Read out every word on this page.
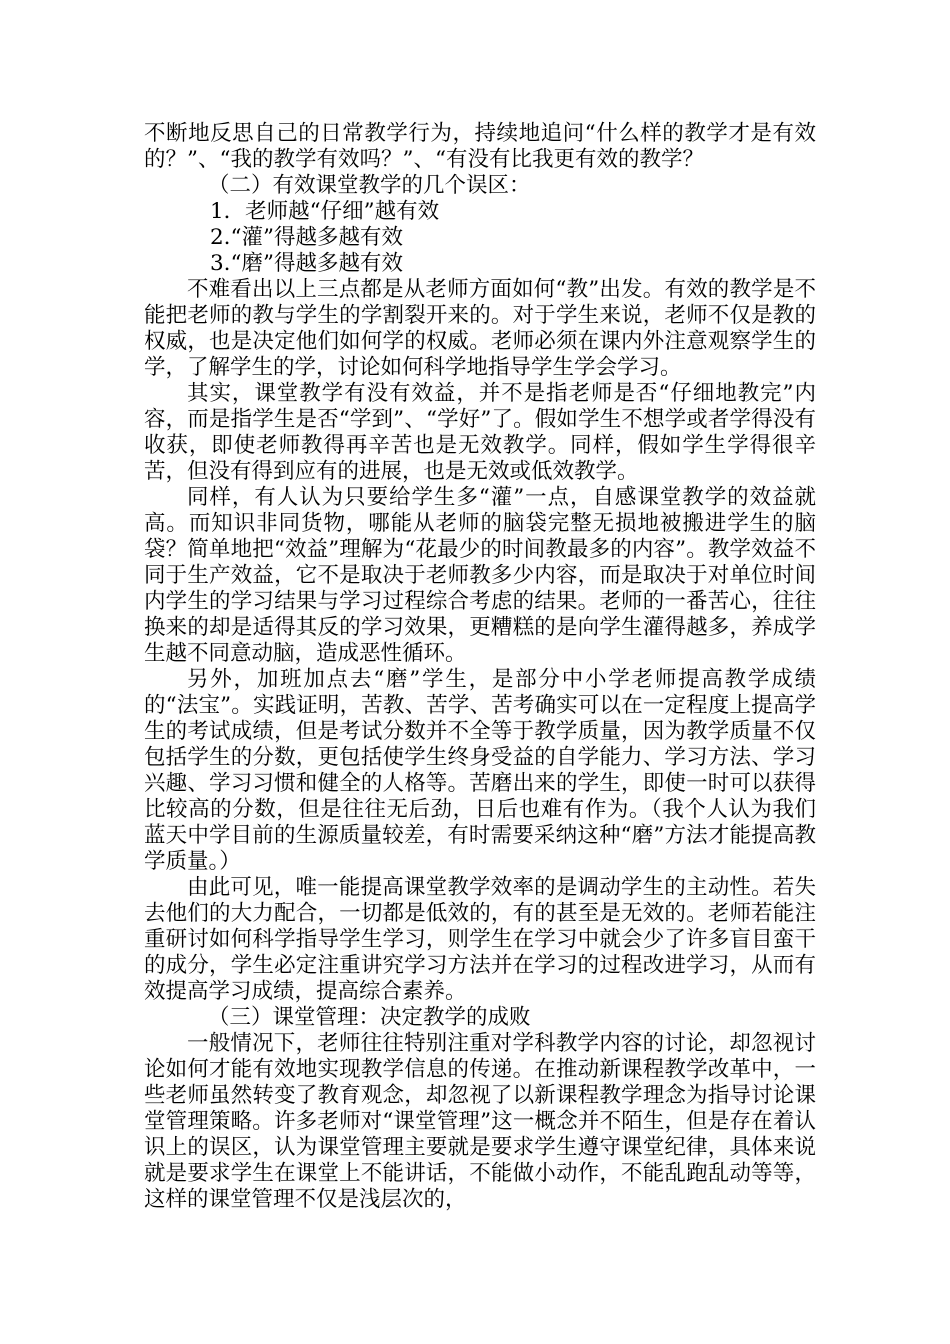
不断地反思自己的日常教学行为，持续地追问“什么样的教学才是有效的？”、“我的教学有效吗？”、“有没有比我更有效的教学？

（二）有效课堂教学的几个误区：

1．老师越“仔细”越有效

2.“灌”得越多越有效

3.“磨”得越多越有效

不难看出以上三点都是从老师方面如何“教”出发。有效的教学是不能把老师的教与学生的学割裂开来的。对于学生来说，老师不仅是教的权威，也是决定他们如何学的权威。老师必须在课内外注意观察学生的学，了解学生的学，讨论如何科学地指导学生学会学习。

其实，课堂教学有没有效益，并不是指老师是否“仔细地教完”内容，而是指学生是否“学到”、“学好”了。假如学生不想学或者学得没有收获，即使老师教得再辛苦也是无效教学。同样，假如学生学得很辛苦，但没有得到应有的进展，也是无效或低效教学。

同样，有人认为只要给学生多“灌”一点，自感课堂教学的效益就高。而知识非同货物，哪能从老师的脑袋完整无损地被搬进学生的脑袋？简单地把“效益”理解为“花最少的时间教最多的内容”。教学效益不同于生产效益，它不是取决于老师教多少内容，而是取决于对单位时间内学生的学习结果与学习过程综合考虑的结果。老师的一番苦心，往往换来的却是适得其反的学习效果，更糟糕的是向学生灌得越多，养成学生越不同意动脑，造成恶性循环。

另外，加班加点去“磨”学生，是部分中小学老师提高教学成绩的“法宝”。实践证明，苦教、苦学、苦考确实可以在一定程度上提高学生的考试成绩，但是考试分数并不全等于教学质量，因为教学质量不仅包括学生的分数，更包括使学生终身受益的自学能力、学习方法、学习兴趣、学习习惯和健全的人格等。苦磨出来的学生，即使一时可以获得比较高的分数，但是往往无后劲，日后也难有作为。（我个人认为我们蓝天中学目前的生源质量较差，有时需要采纳这种“磨”方法才能提高教学质量。）

由此可见，唯一能提高课堂教学效率的是调动学生的主动性。若失去他们的大力配合，一切都是低效的，有的甚至是无效的。老师若能注重研讨如何科学指导学生学习，则学生在学习中就会少了许多盲目蛮干的成分，学生必定注重讲究学习方法并在学习的过程改进学习，从而有效提高学习成绩，提高综合素养。

（三）课堂管理：决定教学的成败

一般情况下，老师往往特别注重对学科教学内容的讨论，却忽视讨论如何才能有效地实现教学信息的传递。在推动新课程教学改革中，一些老师虽然转变了教育观念，却忽视了以新课程教学理念为指导讨论课堂管理策略。许多老师对“课堂管理”这一概念并不陌生，但是存在着认识上的误区，认为课堂管理主要就是要求学生遵守课堂纪律，具体来说就是要求学生在课堂上不能讲话，不能做小动作，不能乱跑乱动等等，这样的课堂管理不仅是浅层次的，
